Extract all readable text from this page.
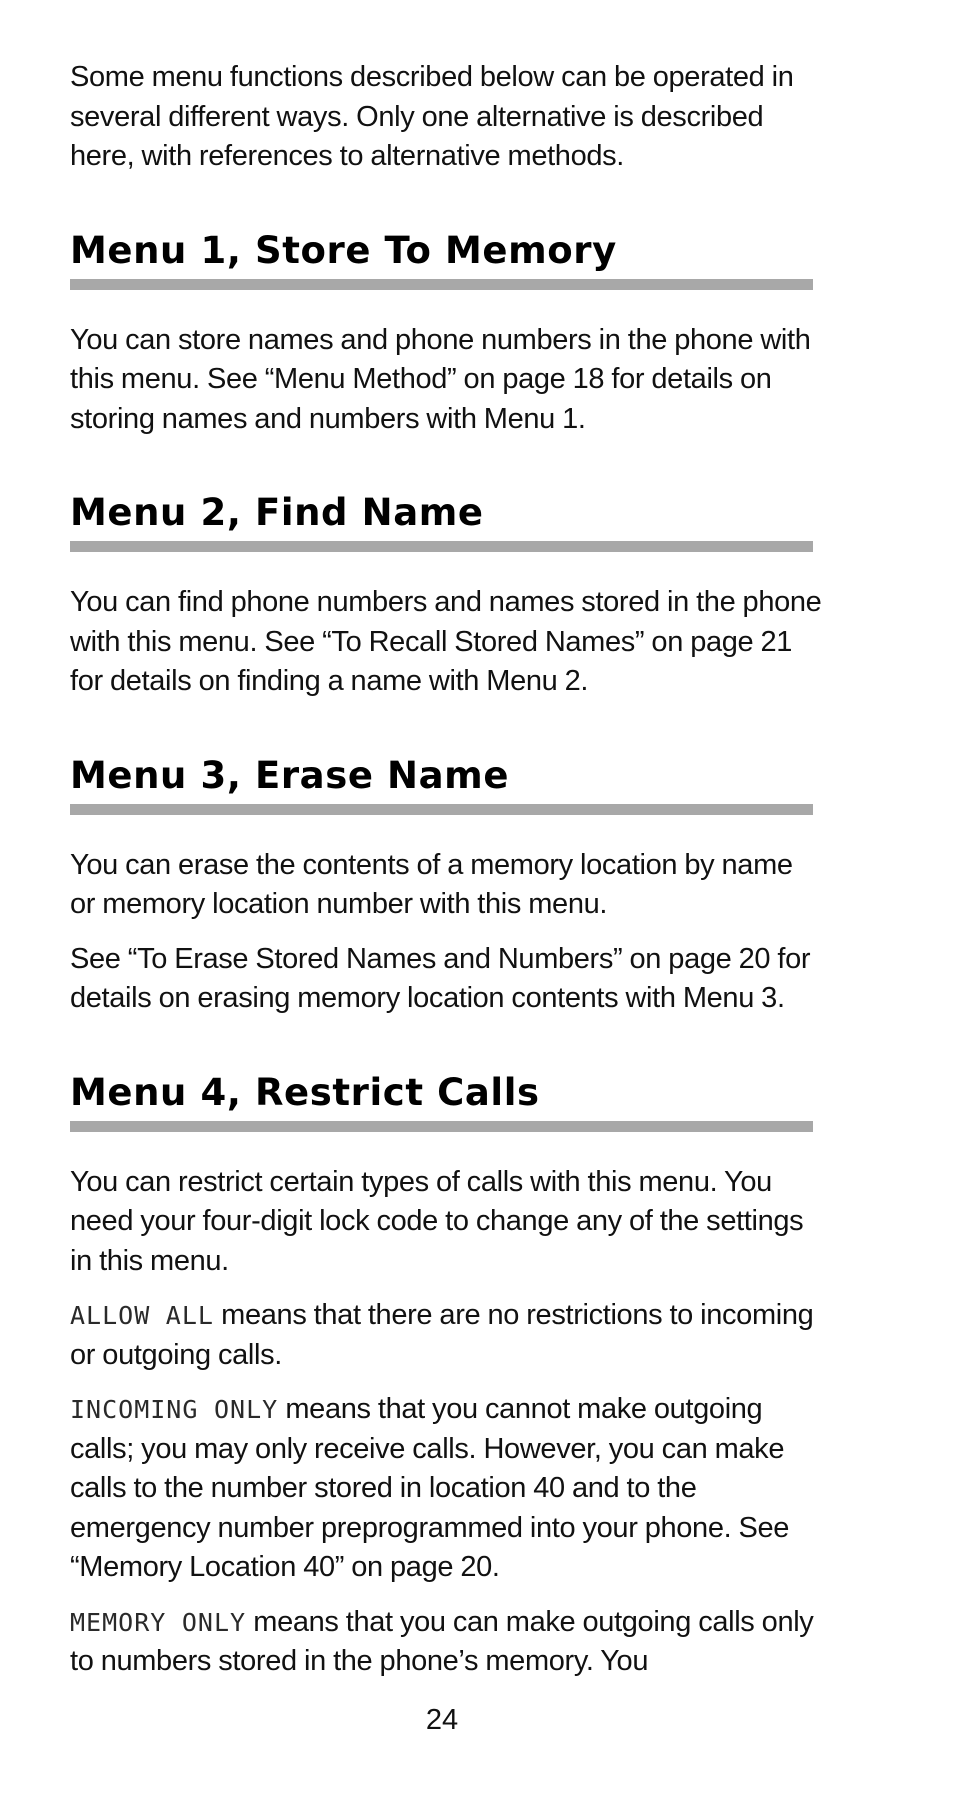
Some menu functions described below can be operated in several different ways. Only one alternative is described here, with references to alternative methods.

Menu 1, Store To Memory

You can store names and phone numbers in the phone with this menu. See “Menu Method” on page 18 for details on storing names and numbers with Menu 1.

Menu 2, Find Name

You can find phone numbers and names stored in the phone with this menu. See “To Recall Stored Names” on page 21 for details on finding a name with Menu 2.

Menu 3, Erase Name

You can erase the contents of a memory location by name or memory location number with this menu.

See “To Erase Stored Names and Numbers” on page 20 for details on erasing memory location contents with Menu 3.

Menu 4, Restrict Calls

You can restrict certain types of calls with this menu. You need your four-digit lock code to change any of the settings in this menu.

ALLOW ALL means that there are no restrictions to incoming or outgoing calls.

INCOMING ONLY means that you cannot make outgoing calls; you may only receive calls. However, you can make calls to the number stored in location 40 and to the emergency number preprogrammed into your phone. See “Memory Location 40” on page 20.

MEMORY ONLY means that you can make outgoing calls only to numbers stored in the phone’s memory. You

24
